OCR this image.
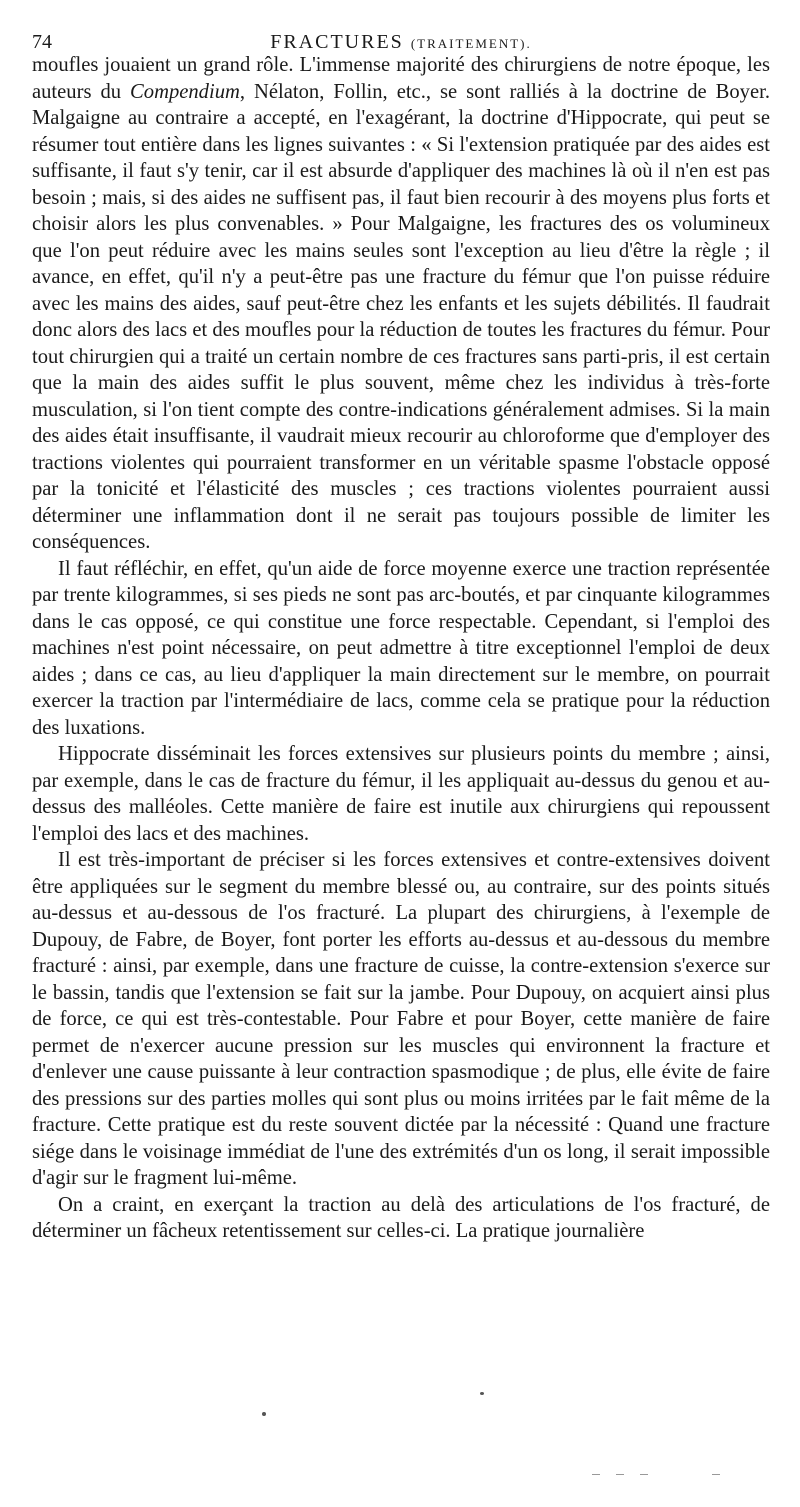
74	FRACTURES (TRAITEMENT).

moufles jouaient un grand rôle. L'immense majorité des chirurgiens de notre époque, les auteurs du Compendium, Nélaton, Follin, etc., se sont ralliés à la doctrine de Boyer. Malgaigne au contraire a accepté, en l'exagérant, la doctrine d'Hippocrate, qui peut se résumer tout entière dans les lignes suivantes : « Si l'extension pratiquée par des aides est suffisante, il faut s'y tenir, car il est absurde d'appliquer des machines là où il n'en est pas besoin ; mais, si des aides ne suffisent pas, il faut bien recourir à des moyens plus forts et choisir alors les plus convenables. » Pour Malgaigne, les fractures des os volumineux que l'on peut réduire avec les mains seules sont l'exception au lieu d'être la règle ; il avance, en effet, qu'il n'y a peut-être pas une fracture du fémur que l'on puisse réduire avec les mains des aides, sauf peut-être chez les enfants et les sujets débilités. Il faudrait donc alors des lacs et des moufles pour la réduction de toutes les fractures du fémur. Pour tout chirurgien qui a traité un certain nombre de ces fractures sans parti-pris, il est certain que la main des aides suffit le plus souvent, même chez les individus à très-forte musculation, si l'on tient compte des contre-indications généralement admises. Si la main des aides était insuffisante, il vaudrait mieux recourir au chloroforme que d'employer des tractions violentes qui pourraient transformer en un véritable spasme l'obstacle opposé par la tonicité et l'élasticité des muscles ; ces tractions violentes pourraient aussi déterminer une inflammation dont il ne serait pas toujours possible de limiter les conséquences.

Il faut réfléchir, en effet, qu'un aide de force moyenne exerce une traction représentée par trente kilogrammes, si ses pieds ne sont pas arc-boutés, et par cinquante kilogrammes dans le cas opposé, ce qui constitue une force respectable. Cependant, si l'emploi des machines n'est point nécessaire, on peut admettre à titre exceptionnel l'emploi de deux aides ; dans ce cas, au lieu d'appliquer la main directement sur le membre, on pourrait exercer la traction par l'intermédiaire de lacs, comme cela se pratique pour la réduction des luxations.

Hippocrate disséminait les forces extensives sur plusieurs points du membre ; ainsi, par exemple, dans le cas de fracture du fémur, il les appliquait au-dessus du genou et au-dessus des malléoles. Cette manière de faire est inutile aux chirurgiens qui repoussent l'emploi des lacs et des machines.

Il est très-important de préciser si les forces extensives et contre-extensives doivent être appliquées sur le segment du membre blessé ou, au contraire, sur des points situés au-dessus et au-dessous de l'os fracturé. La plupart des chirurgiens, à l'exemple de Dupouy, de Fabre, de Boyer, font porter les efforts au-dessus et au-dessous du membre fracturé : ainsi, par exemple, dans une fracture de cuisse, la contre-extension s'exerce sur le bassin, tandis que l'extension se fait sur la jambe. Pour Dupouy, on acquiert ainsi plus de force, ce qui est très-contestable. Pour Fabre et pour Boyer, cette manière de faire permet de n'exercer aucune pression sur les muscles qui environnent la fracture et d'enlever une cause puissante à leur contraction spasmodique ; de plus, elle évite de faire des pressions sur des parties molles qui sont plus ou moins irritées par le fait même de la fracture. Cette pratique est du reste souvent dictée par la nécessité : Quand une fracture siége dans le voisinage immédiat de l'une des extrémités d'un os long, il serait impossible d'agir sur le fragment lui-même.

On a craint, en exerçant la traction au delà des articulations de l'os fracturé, de déterminer un fâcheux retentissement sur celles-ci. La pratique journalière
